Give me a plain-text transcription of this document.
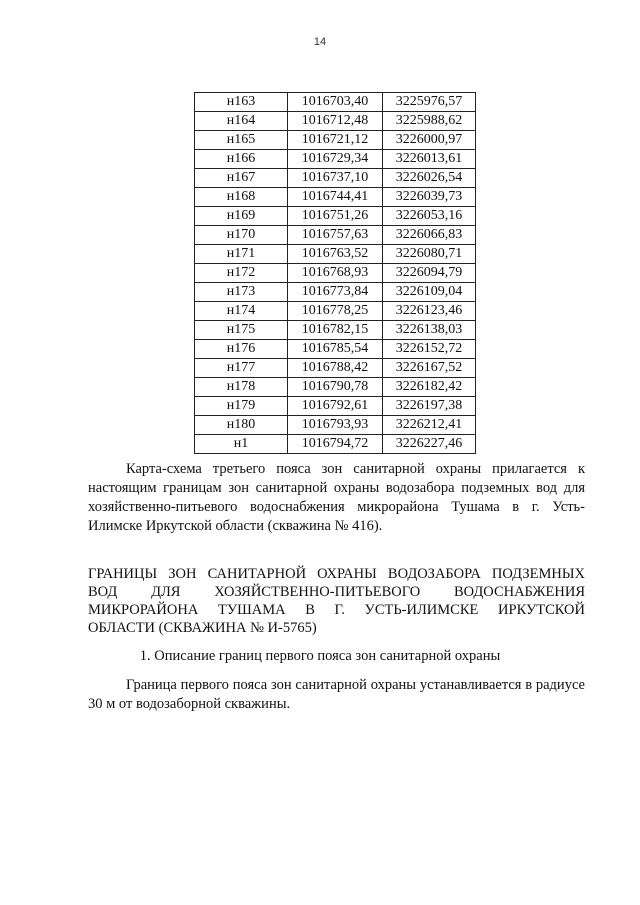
14
н163	1016703,40	3225976,57
н164	1016712,48	3225988,62
н165	1016721,12	3226000,97
н166	1016729,34	3226013,61
н167	1016737,10	3226026,54
н168	1016744,41	3226039,73
н169	1016751,26	3226053,16
н170	1016757,63	3226066,83
н171	1016763,52	3226080,71
н172	1016768,93	3226094,79
н173	1016773,84	3226109,04
н174	1016778,25	3226123,46
н175	1016782,15	3226138,03
н176	1016785,54	3226152,72
н177	1016788,42	3226167,52
н178	1016790,78	3226182,42
н179	1016792,61	3226197,38
н180	1016793,93	3226212,41
н1	1016794,72	3226227,46
Карта-схема третьего пояса зон санитарной охраны прилагается к настоящим границам зон санитарной охраны водозабора подземных вод для хозяйственно-питьевого водоснабжения микрорайона Тушама в г. Усть-Илимске Иркутской области (скважина № 416).
ГРАНИЦЫ ЗОН САНИТАРНОЙ ОХРАНЫ ВОДОЗАБОРА ПОДЗЕМНЫХ
ВОД ДЛЯ ХОЗЯЙСТВЕННО-ПИТЬЕВОГО ВОДОСНАБЖЕНИЯ
МИКРОРАЙОНА ТУШАМА В Г. УСТЬ-ИЛИМСКЕ ИРКУТСКОЙ
ОБЛАСТИ (СКВАЖИНА № И-5765)
1. Описание границ первого пояса зон санитарной охраны
Граница первого пояса зон санитарной охраны устанавливается в радиусе 30 м от водозаборной скважины.
